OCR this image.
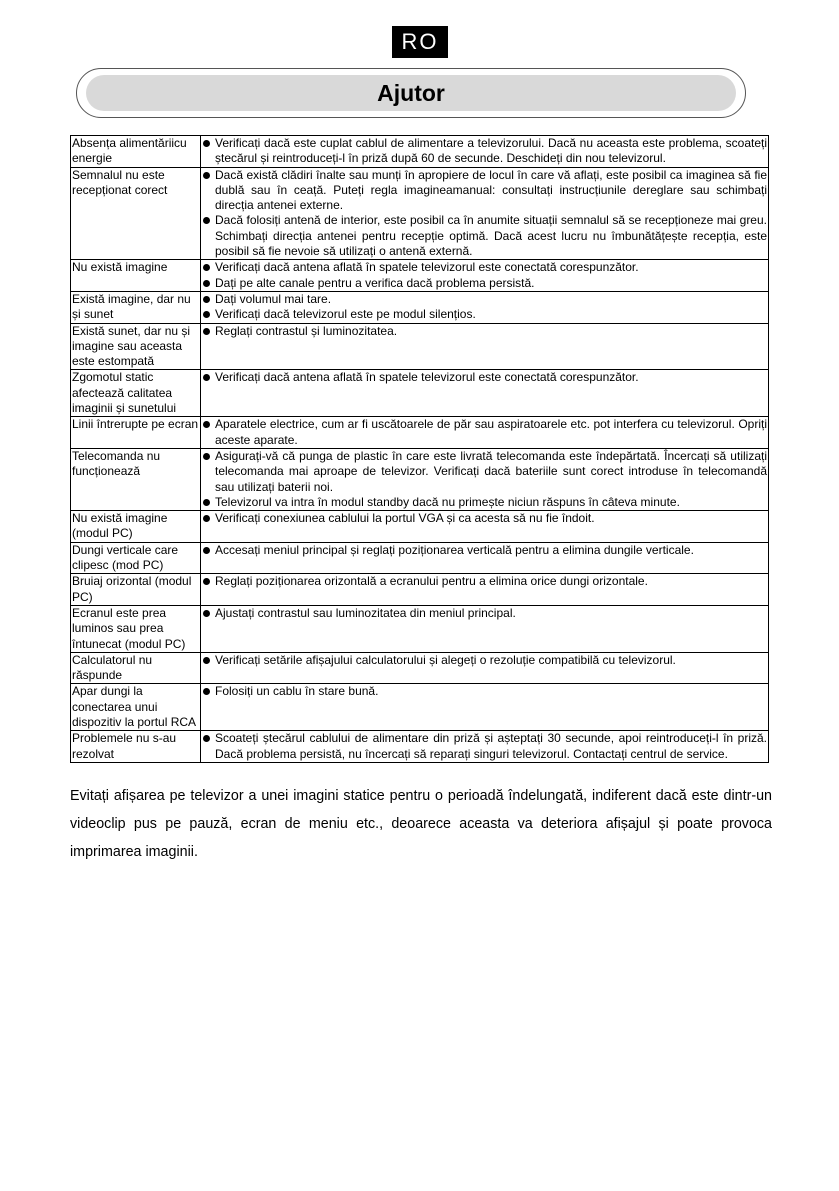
RO
Ajutor
Absența alimentăriicu energie	Verificați dacă este cuplat cablul de alimentare a televizorului. Dacă nu aceasta este problema, scoateți ștecărul și reintroduceți-l în priză după 60 de secunde. Deschideți din nou televizorul.

Semnalul nu este recepționat corect	Dacă există clădiri înalte sau munți în apropiere de locul în care vă aflați, este posibil ca imaginea să fie dublă sau în ceață. Puteți regla imagineamanual: consultați instrucțiunile dereglare sau schimbați direcția antenei externe.
Dacă folosiți antenă de interior, este posibil ca în anumite situații semnalul să se recepționeze mai greu. Schimbați direcția antenei pentru recepție optimă. Dacă acest lucru nu îmbunătățește recepția, este posibil să fie nevoie să utilizați o antenă externă.

Nu există imagine	Verificați dacă antena aflată în spatele televizorul este conectată corespunzător.
Dați pe alte canale pentru a verifica dacă problema persistă.

Există imagine, dar nu și sunet	Dați volumul mai tare.
Verificați dacă televizorul este pe modul silențios.

Există sunet, dar nu și imagine sau aceasta este estompată	Reglați contrastul și luminozitatea.

Zgomotul static afectează calitatea imaginii și sunetului	Verificați dacă antena aflată în spatele televizorul este conectată corespunzător.

Linii întrerupte pe ecran	Aparatele electrice, cum ar fi uscătoarele de păr sau aspiratoarele etc. pot interfera cu televizorul. Opriți aceste aparate.

Telecomanda nu funcționează	Asigurați-vă că punga de plastic în care este livrată telecomanda este îndepărtată. Încercați să utilizați telecomanda mai aproape de televizor. Verificați dacă bateriile sunt corect introduse în telecomandă sau utilizați baterii noi.
Televizorul va intra în modul standby dacă nu primește niciun răspuns în câteva minute.

Nu există imagine (modul PC)	Verificați conexiunea cablului la portul VGA și ca acesta să nu fie îndoit.

Dungi verticale care clipesc (mod PC)	Accesați meniul principal și reglați poziționarea verticală pentru a elimina dungile verticale.

Bruiaj orizontal (modul PC)	Reglați poziționarea orizontală a ecranului pentru a elimina orice dungi orizontale.

Ecranul este prea luminos sau prea întunecat (modul PC)	Ajustați contrastul sau luminozitatea din meniul principal.

Calculatorul nu răspunde	Verificați setările afișajului calculatorului și alegeți o rezoluție compatibilă cu televizorul.

Apar dungi la conectarea unui dispozitiv la portul RCA	Folosiți un cablu în stare bună.

Problemele nu s-au rezolvat	Scoateți ștecărul cablului de alimentare din priză și așteptați 30 secunde, apoi reintroduceți-l în priză. Dacă problema persistă, nu încercați să reparați singuri televizorul. Contactați centrul de service.
Evitați afișarea pe televizor a unei imagini statice pentru o perioadă îndelungată, indiferent dacă este dintr-un videoclip pus pe pauză, ecran de meniu etc., deoarece aceasta va deteriora afișajul și poate provoca imprimarea imaginii.
